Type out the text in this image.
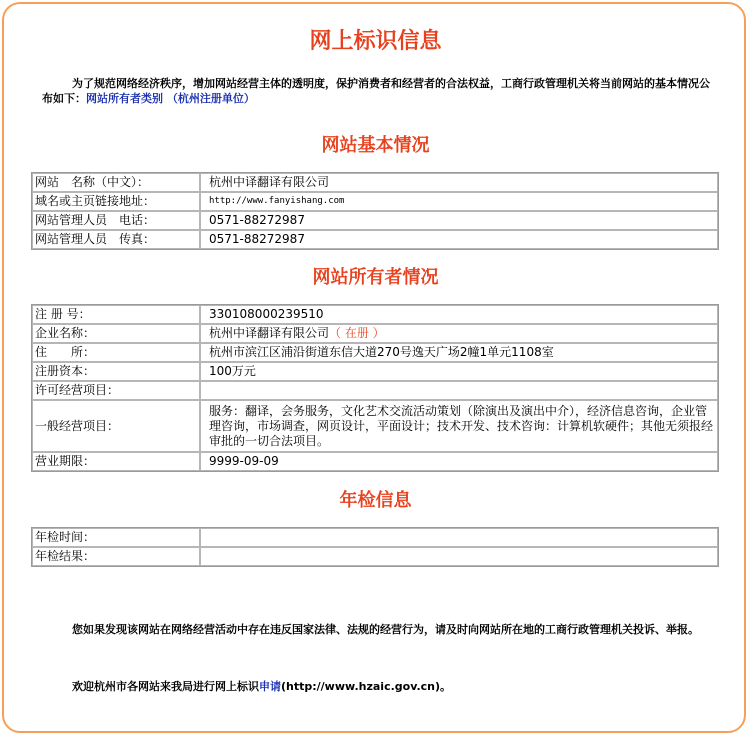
网上标识信息
为了规范网络经济秩序，增加网站经营主体的透明度，保护消费者和经营者的合法权益，工商行政管理机关将当前网站的基本情况公布如下：网站所有者类别 （杭州注册单位）
网站基本情况
网站　名称（中文）：	杭州中译翻译有限公司
域名或主页链接地址：	http://www.fanyishang.com
网站管理人员　电话：	0571-88272987
网站管理人员　传真：	0571-88272987
网站所有者情况
注 册 号：	330108000239510
企业名称：	杭州中译翻译有限公司（ 在册 ）
住　　所：	杭州市滨江区浦沿街道东信大道270号逸天广场2幢1单元1108室
注册资本：	100万元
许可经营项目：	
一般经营项目：	服务：翻译，会务服务，文化艺术交流活动策划（除演出及演出中介），经济信息咨询，企业管理咨询，市场调查，网页设计，平面设计；技术开发、技术咨询：计算机软硬件；其他无须报经审批的一切合法项目。
营业期限：	9999-09-09
年检信息
年检时间：	
年检结果：	
您如果发现该网站在网络经营活动中存在违反国家法律、法规的经营行为，请及时向网站所在地的工商行政管理机关投诉、举报。
欢迎杭州市各网站来我局进行网上标识申请(http://www.hzaic.gov.cn)。
